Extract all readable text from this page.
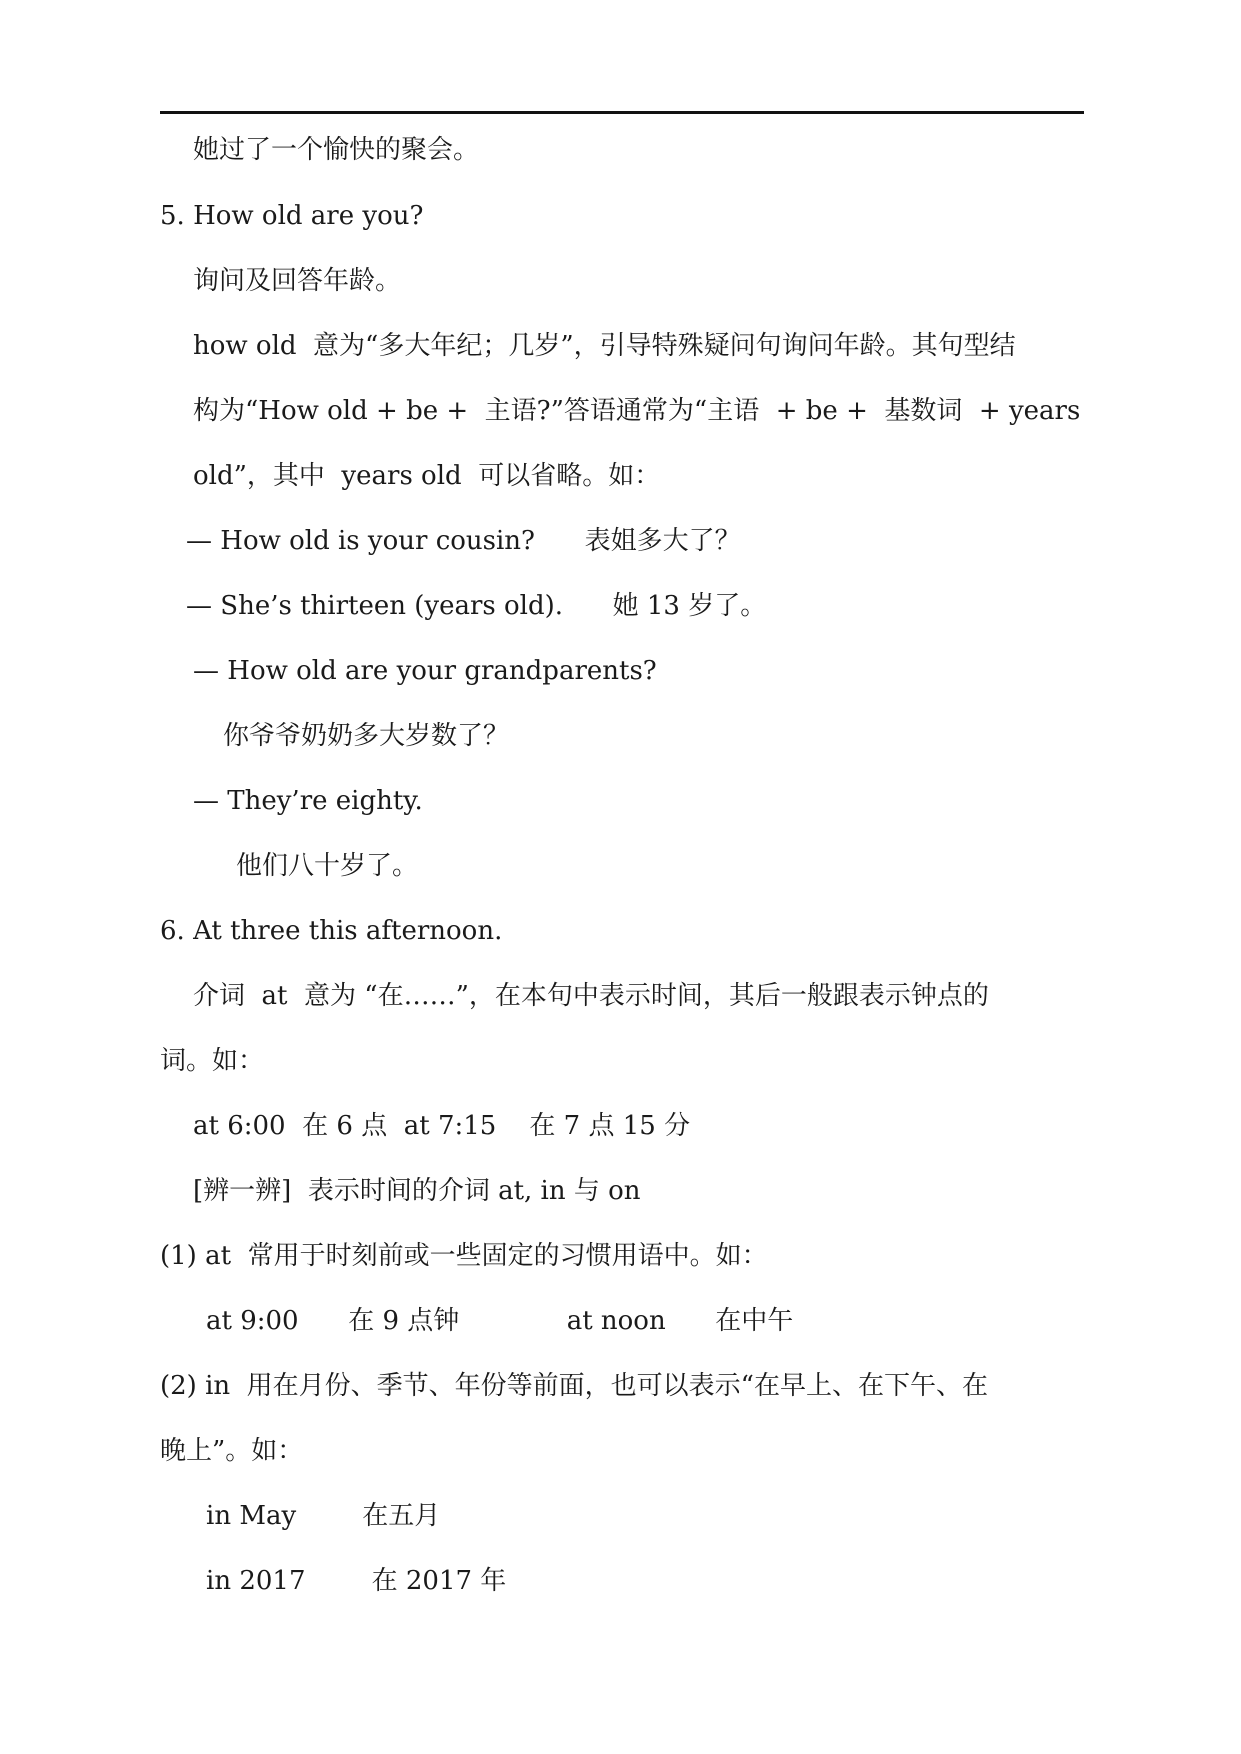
她过了一个愉快的聚会。
5. How old are you?
询问及回答年龄。
how old  意为“多大年纪；几岁”，引导特殊疑问句询问年龄。其句型结
构为“How old + be +  主语?”答语通常为“主语  + be +  基数词  + years
old”，其中  years old  可以省略。如：
— How old is your cousin?      表姐多大了？
— She’s thirteen (years old).      她 13 岁了。
— How old are your grandparents?
你爷爷奶奶多大岁数了？
— They’re eighty.
他们八十岁了。
6. At three this afternoon.
介词  at  意为 “在……”，在本句中表示时间，其后一般跟表示钟点的
词。如：
at 6:00  在 6 点  at 7:15    在 7 点 15 分
[辨一辨]  表示时间的介词 at, in 与 on
(1) at  常用于时刻前或一些固定的习惯用语中。如：
at 9:00      在 9 点钟             at noon      在中午
(2) in  用在月份、季节、年份等前面，也可以表示“在早上、在下午、在
晚上”。如：
in May        在五月
in 2017        在 2017 年
